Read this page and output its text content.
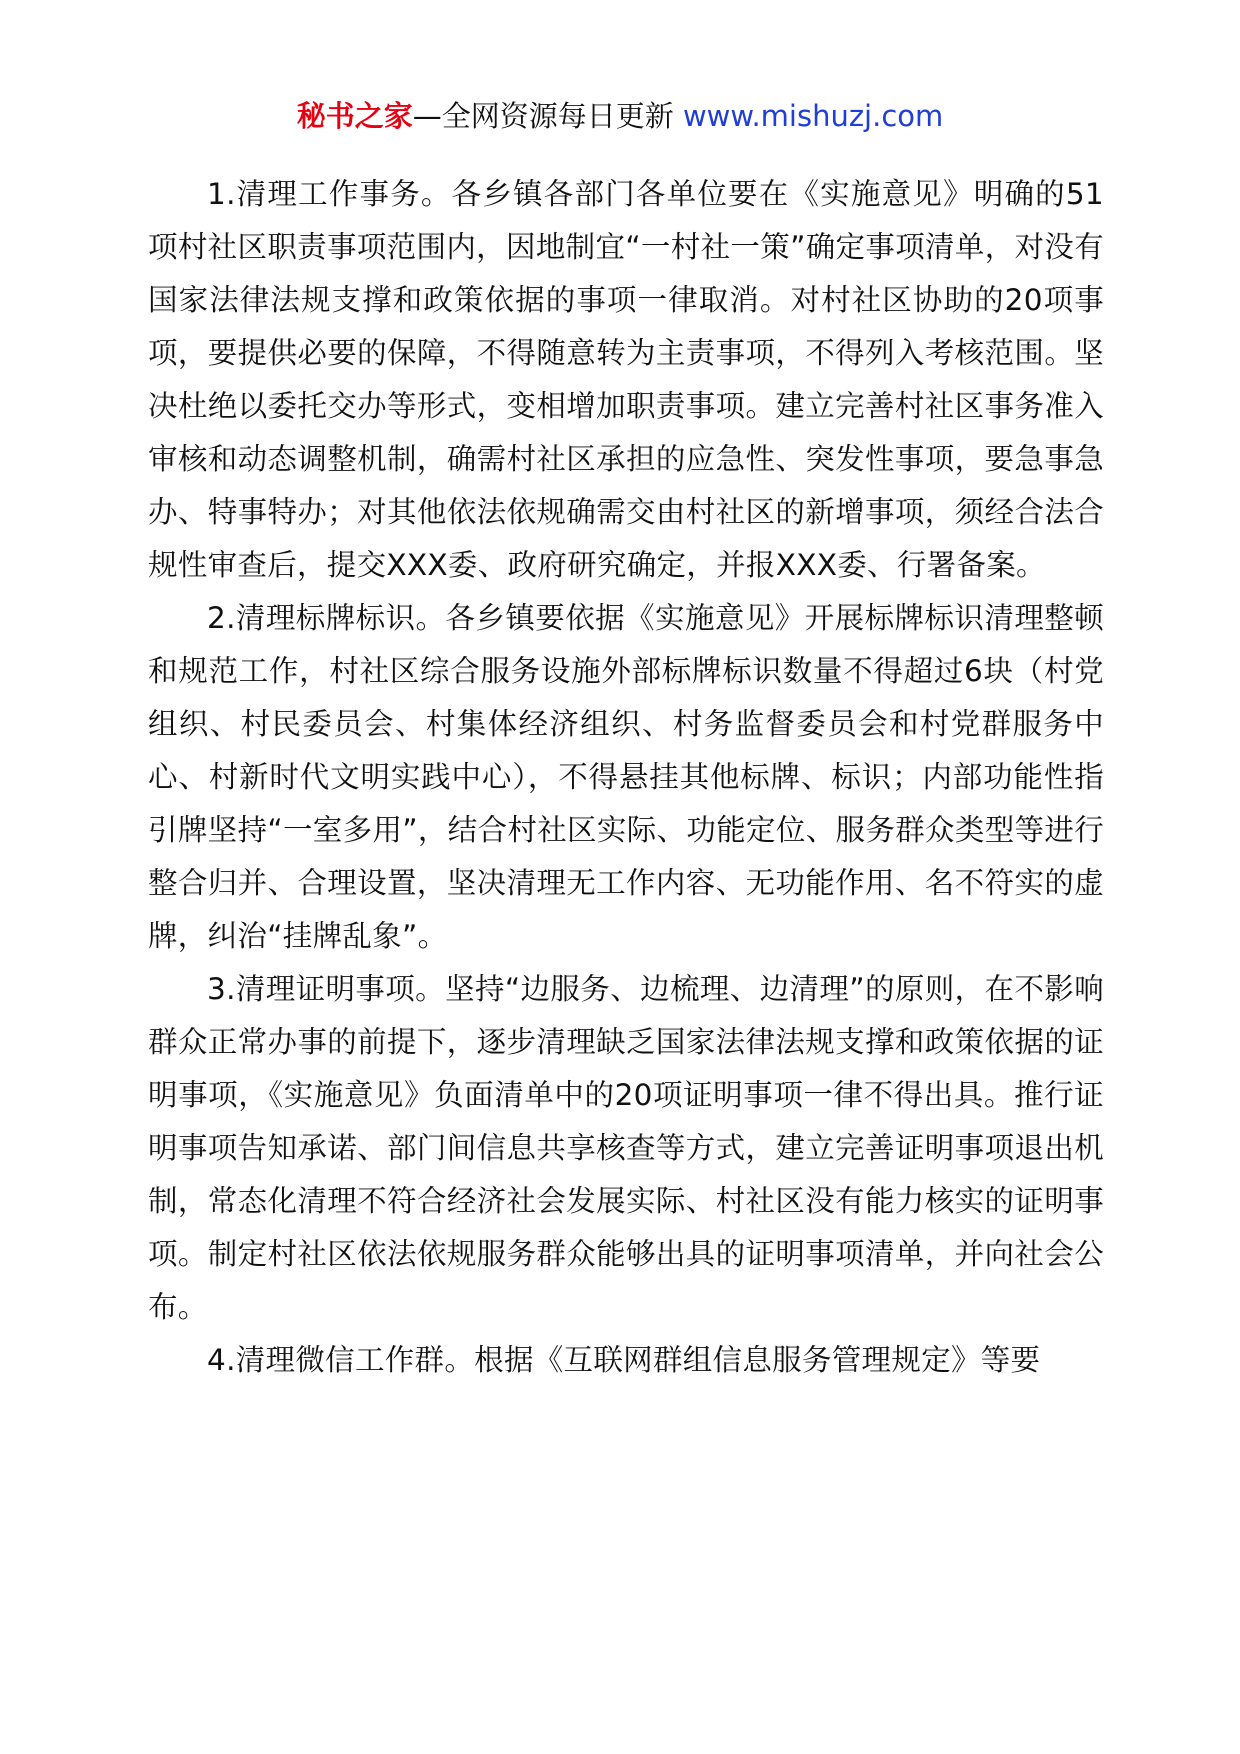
秘书之家—全网资源每日更新 www.mishuzj.com

1.清理工作事务。各乡镇各部门各单位要在《实施意见》明确的51项村社区职责事项范围内，因地制宜“一村社一策”确定事项清单，对没有国家法律法规支撑和政策依据的事项一律取消。对村社区协助的20项事项，要提供必要的保障，不得随意转为主责事项，不得列入考核范围。坚决杜绝以委托交办等形式，变相增加职责事项。建立完善村社区事务准入审核和动态调整机制，确需村社区承担的应急性、突发性事项，要急事急办、特事特办；对其他依法依规确需交由村社区的新增事项，须经合法合规性审查后，提交XXX委、政府研究确定，并报XXX委、行署备案。

2.清理标牌标识。各乡镇要依据《实施意见》开展标牌标识清理整顿和规范工作，村社区综合服务设施外部标牌标识数量不得超过6块（村党组织、村民委员会、村集体经济组织、村务监督委员会和村党群服务中心、村新时代文明实践中心），不得悬挂其他标牌、标识；内部功能性指引牌坚持“一室多用”，结合村社区实际、功能定位、服务群众类型等进行整合归并、合理设置，坚决清理无工作内容、无功能作用、名不符实的虚牌，纠治“挂牌乱象”。

3.清理证明事项。坚持“边服务、边梳理、边清理”的原则，在不影响群众正常办事的前提下，逐步清理缺乏国家法律法规支撑和政策依据的证明事项，《实施意见》负面清单中的20项证明事项一律不得出具。推行证明事项告知承诺、部门间信息共享核查等方式，建立完善证明事项退出机制，常态化清理不符合经济社会发展实际、村社区没有能力核实的证明事项。制定村社区依法依规服务群众能够出具的证明事项清单，并向社会公布。

4.清理微信工作群。根据《互联网群组信息服务管理规定》等要
